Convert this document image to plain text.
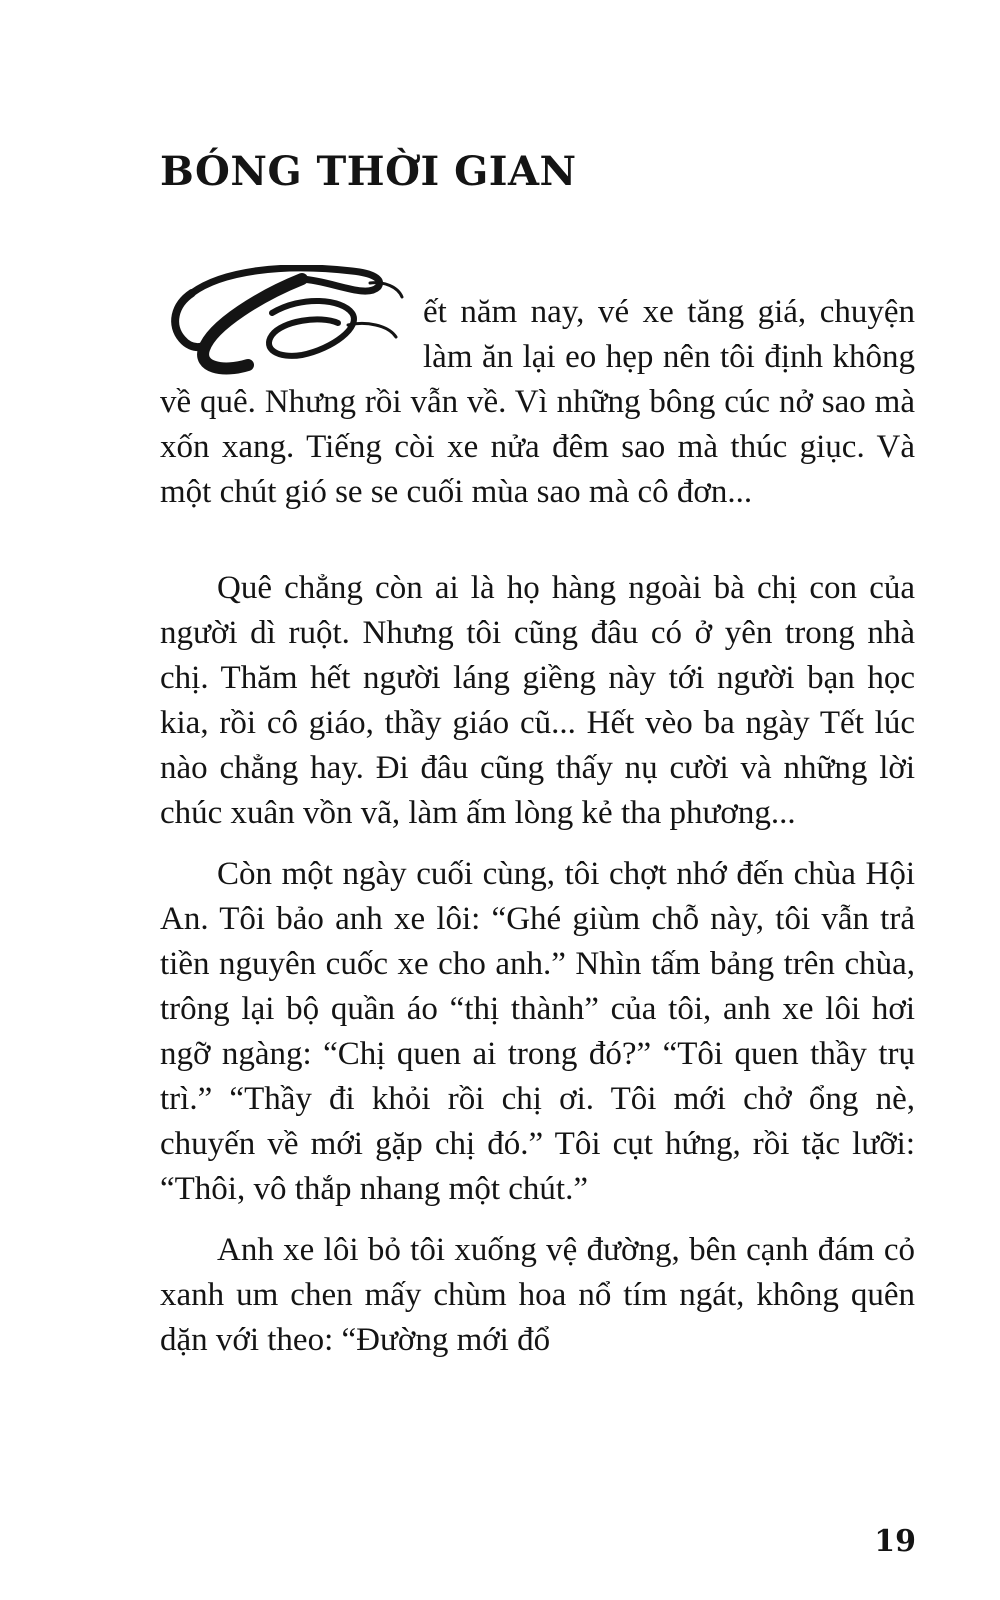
BÓNG THỜI GIAN

ết năm nay, vé xe tăng giá, chuyện làm ăn lại eo hẹp nên tôi định không về quê. Nhưng rồi vẫn về. Vì những bông cúc nở sao mà xốn xang. Tiếng còi xe nửa đêm sao mà thúc giục. Và một chút gió se se cuối mùa sao mà cô đơn...

Quê chẳng còn ai là họ hàng ngoài bà chị con của người dì ruột. Nhưng tôi cũng đâu có ở yên trong nhà chị. Thăm hết người láng giềng này tới người bạn học kia, rồi cô giáo, thầy giáo cũ... Hết vèo ba ngày Tết lúc nào chẳng hay. Đi đâu cũng thấy nụ cười và những lời chúc xuân vồn vã, làm ấm lòng kẻ tha phương...

Còn một ngày cuối cùng, tôi chợt nhớ đến chùa Hội An. Tôi bảo anh xe lôi: “Ghé giùm chỗ này, tôi vẫn trả tiền nguyên cuốc xe cho anh.” Nhìn tấm bảng trên chùa, trông lại bộ quần áo “thị thành” của tôi, anh xe lôi hơi ngỡ ngàng: “Chị quen ai trong đó?” “Tôi quen thầy trụ trì.” “Thầy đi khỏi rồi chị ơi. Tôi mới chở ổng nè, chuyến về mới gặp chị đó.” Tôi cụt hứng, rồi tặc lưỡi: “Thôi, vô thắp nhang một chút.”

Anh xe lôi bỏ tôi xuống vệ đường, bên cạnh đám cỏ xanh um chen mấy chùm hoa nổ tím ngát, không quên dặn với theo: “Đường mới đổ

19
